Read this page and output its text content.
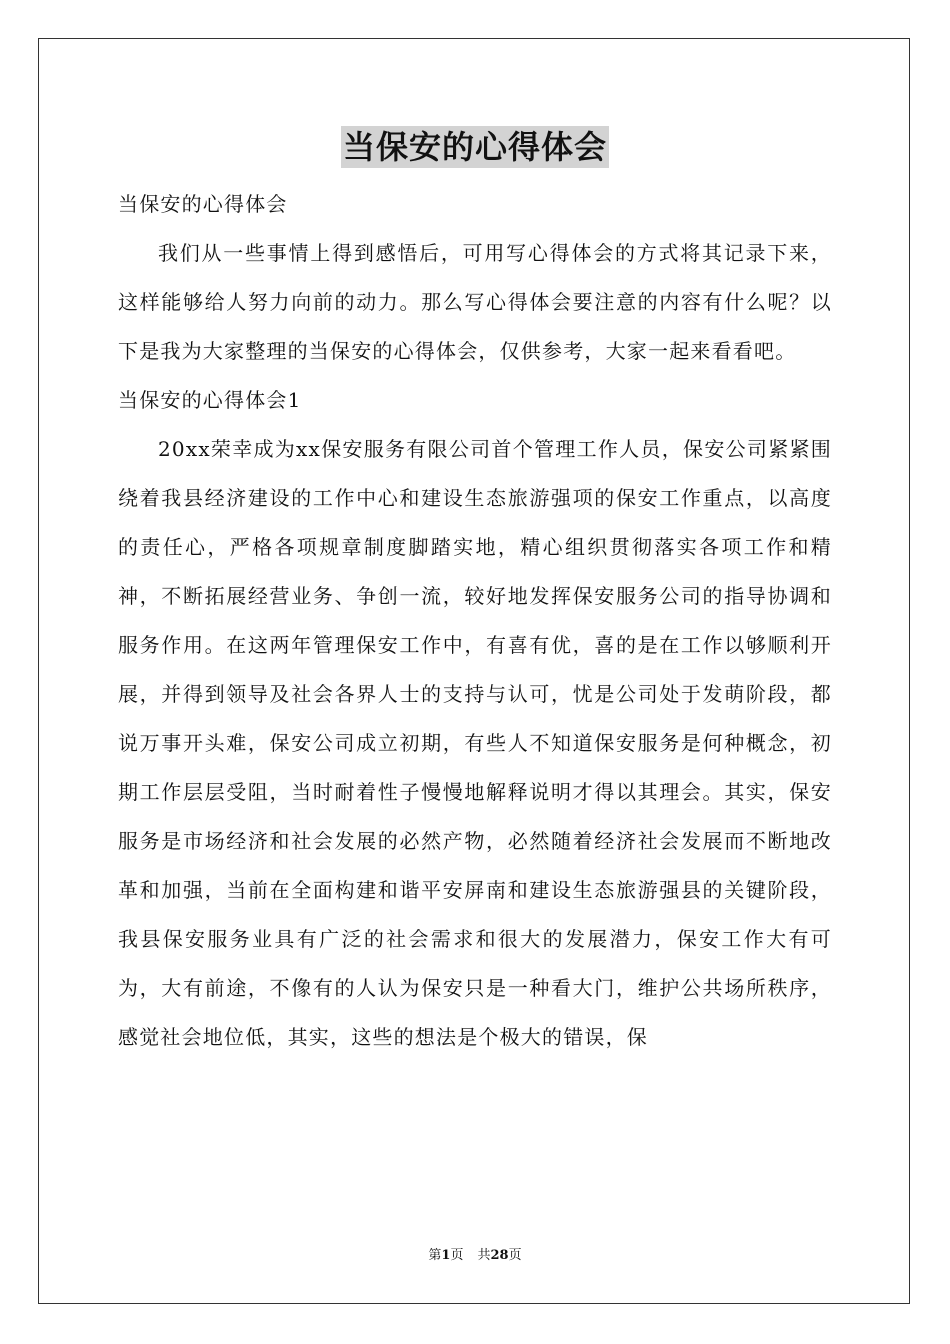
当保安的心得体会

当保安的心得体会

我们从一些事情上得到感悟后，可用写心得体会的方式将其记录下来，这样能够给人努力向前的动力。那么写心得体会要注意的内容有什么呢？以下是我为大家整理的当保安的心得体会，仅供参考，大家一起来看看吧。

当保安的心得体会1

20xx荣幸成为xx保安服务有限公司首个管理工作人员，保安公司紧紧围绕着我县经济建设的工作中心和建设生态旅游强项的保安工作重点，以高度的责任心，严格各项规章制度脚踏实地，精心组织贯彻落实各项工作和精神，不断拓展经营业务、争创一流，较好地发挥保安服务公司的指导协调和服务作用。在这两年管理保安工作中，有喜有优，喜的是在工作以够顺利开展，并得到领导及社会各界人士的支持与认可，忧是公司处于发萌阶段，都说万事开头难，保安公司成立初期，有些人不知道保安服务是何种概念，初期工作层层受阻，当时耐着性子慢慢地解释说明才得以其理会。其实，保安服务是市场经济和社会发展的必然产物，必然随着经济社会发展而不断地改革和加强，当前在全面构建和谐平安屏南和建设生态旅游强县的关键阶段，我县保安服务业具有广泛的社会需求和很大的发展潜力，保安工作大有可为，大有前途，不像有的人认为保安只是一种看大门，维护公共场所秩序，感觉社会地位低，其实，这些的想法是个极大的错误，保

第1页 共28页
